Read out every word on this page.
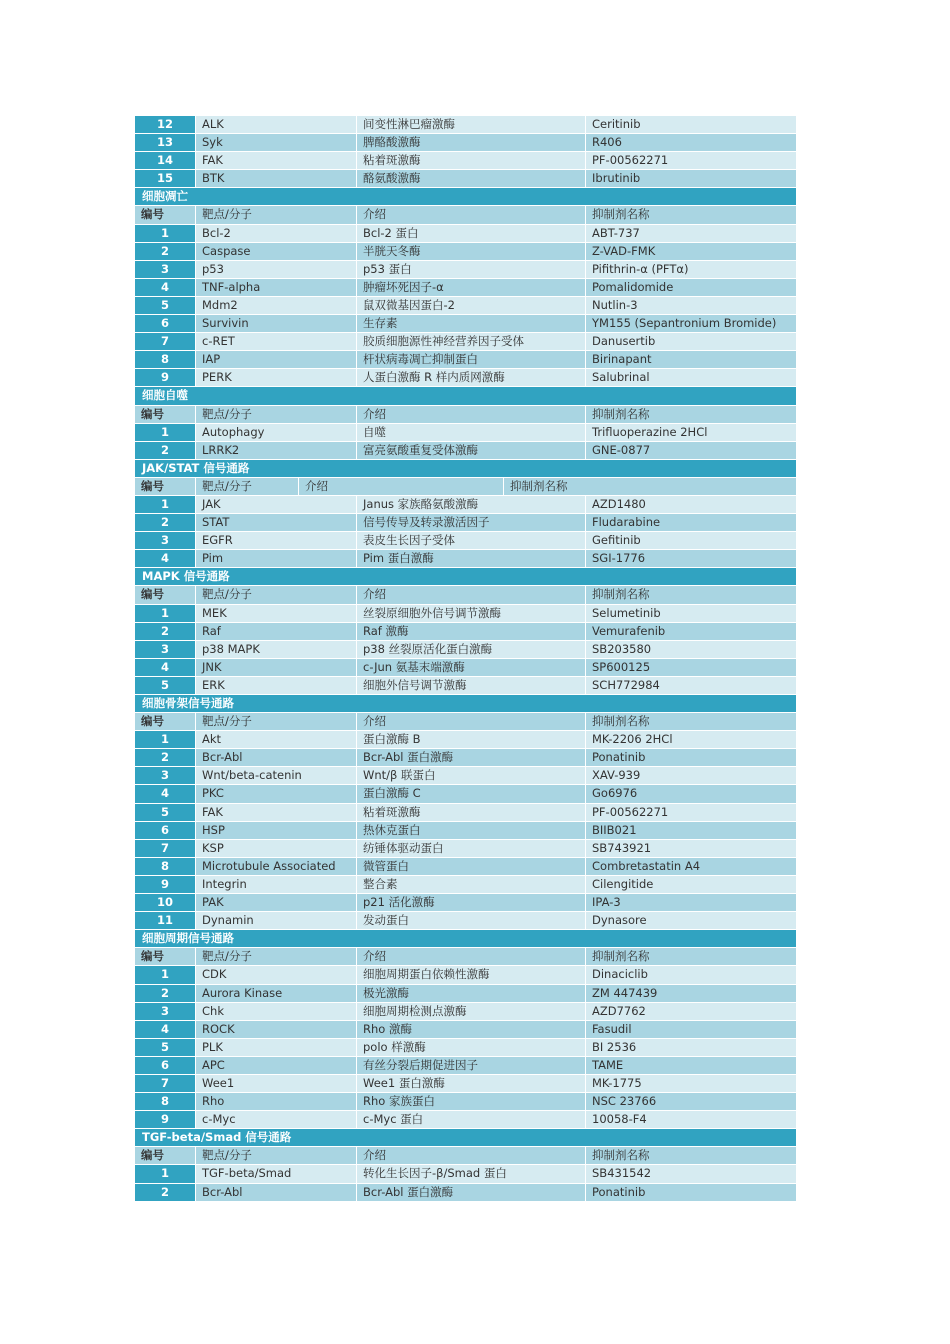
12	ALK	间变性淋巴瘤激酶	Ceritinib
13	Syk	脾酪酸激酶	R406
14	FAK	粘着斑激酶	PF-00562271
15	BTK	酪氨酸激酶	Ibrutinib
细胞凋亡
编号	靶点/分子	介绍	抑制剂名称
1	Bcl-2	Bcl-2 蛋白	ABT-737
2	Caspase	半胱天冬酶	Z-VAD-FMK
3	p53	p53 蛋白	Pifithrin-α (PFTα)
4	TNF-alpha	肿瘤坏死因子-α	Pomalidomide
5	Mdm2	鼠双微基因蛋白-2	Nutlin-3
6	Survivin	生存素	YM155 (Sepantronium Bromide)
7	c-RET	胶质细胞源性神经营养因子受体	Danusertib
8	IAP	杆状病毒凋亡抑制蛋白	Birinapant
9	PERK	人蛋白激酶 R 样内质网激酶	Salubrinal
细胞自噬
编号	靶点/分子	介绍	抑制剂名称
1	Autophagy	自噬	Trifluoperazine 2HCl
2	LRRK2	富亮氨酸重复受体激酶	GNE-0877
JAK/STAT 信号通路
编号	靶点/分子	介绍	抑制剂名称
1	JAK	Janus 家族酪氨酸激酶	AZD1480
2	STAT	信号传导及转录激活因子	Fludarabine
3	EGFR	表皮生长因子受体	Gefitinib
4	Pim	Pim 蛋白激酶	SGI-1776
MAPK 信号通路
编号	靶点/分子	介绍	抑制剂名称
1	MEK	丝裂原细胞外信号调节激酶	Selumetinib
2	Raf	Raf 激酶	Vemurafenib
3	p38 MAPK	p38 丝裂原活化蛋白激酶	SB203580
4	JNK	c-Jun 氨基末端激酶	SP600125
5	ERK	细胞外信号调节激酶	SCH772984
细胞骨架信号通路
编号	靶点/分子	介绍	抑制剂名称
1	Akt	蛋白激酶 B	MK-2206 2HCl
2	Bcr-Abl	Bcr-Abl 蛋白激酶	Ponatinib
3	Wnt/beta-catenin	Wnt/β 联蛋白	XAV-939
4	PKC	蛋白激酶 C	Go6976
5	FAK	粘着斑激酶	PF-00562271
6	HSP	热休克蛋白	BIIB021
7	KSP	纺锤体驱动蛋白	SB743921
8	Microtubule Associated	微管蛋白	Combretastatin A4
9	Integrin	整合素	Cilengitide
10	PAK	p21 活化激酶	IPA-3
11	Dynamin	发动蛋白	Dynasore
细胞周期信号通路
编号	靶点/分子	介绍	抑制剂名称
1	CDK	细胞周期蛋白依赖性激酶	Dinaciclib
2	Aurora Kinase	极光激酶	ZM 447439
3	Chk	细胞周期检测点激酶	AZD7762
4	ROCK	Rho 激酶	Fasudil
5	PLK	polo 样激酶	BI 2536
6	APC	有丝分裂后期促进因子	TAME
7	Wee1	Wee1 蛋白激酶	MK-1775
8	Rho	Rho 家族蛋白	NSC 23766
9	c-Myc	c-Myc 蛋白	10058-F4
TGF-beta/Smad 信号通路
编号	靶点/分子	介绍	抑制剂名称
1	TGF-beta/Smad	转化生长因子-β/Smad 蛋白	SB431542
2	Bcr-Abl	Bcr-Abl 蛋白激酶	Ponatinib
